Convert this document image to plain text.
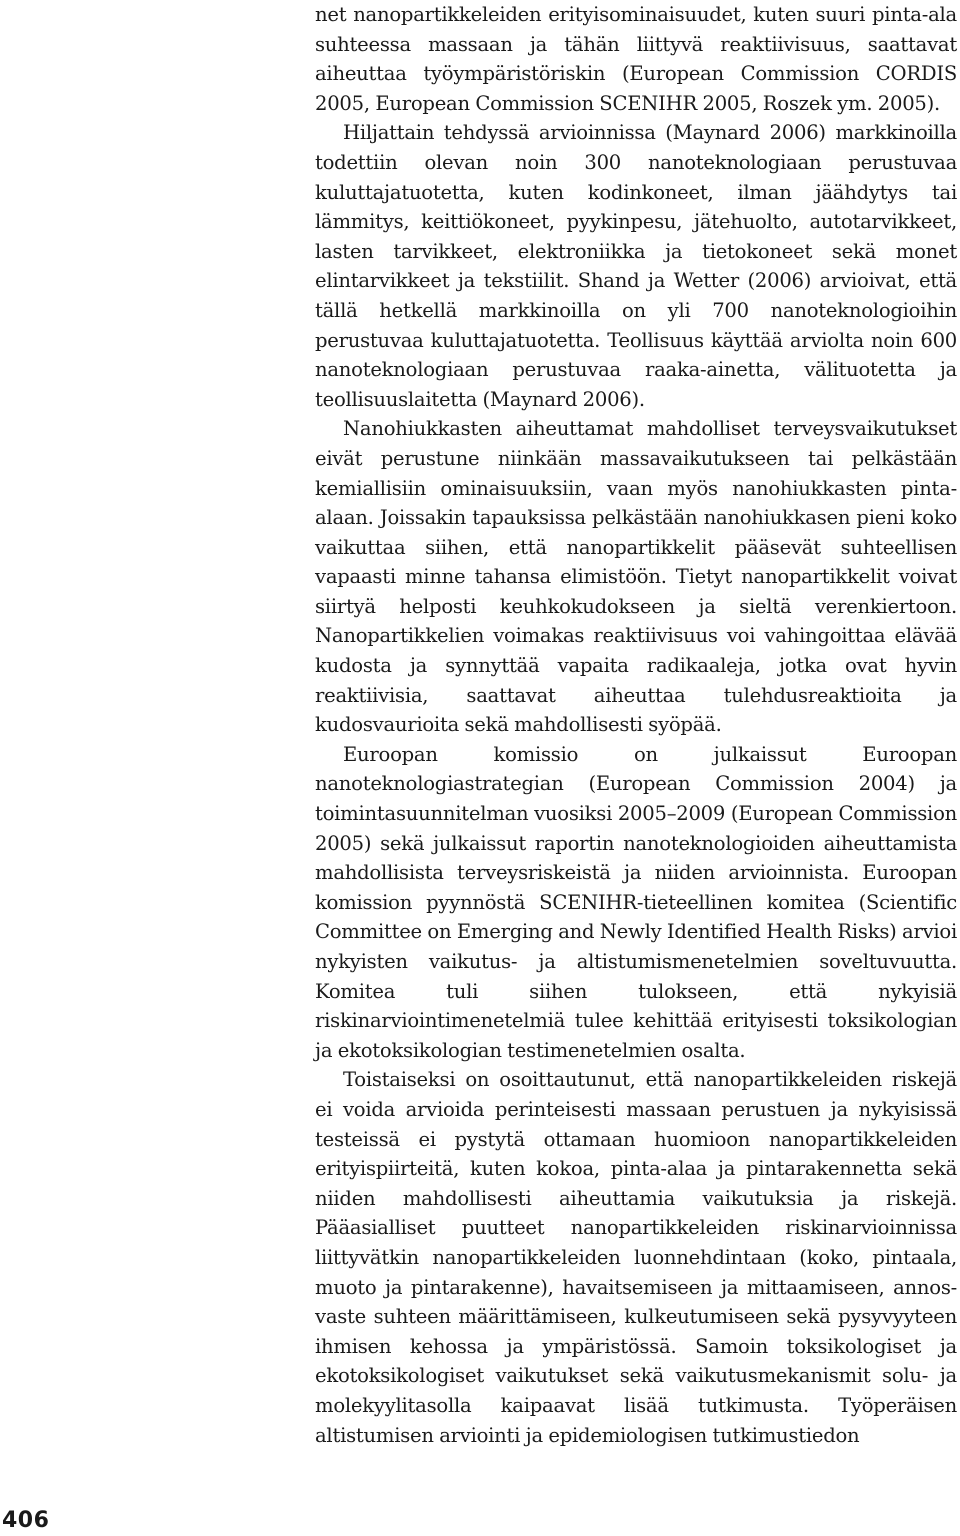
net nanopartikkeleiden erityisominaisuudet, kuten suuri pinta-ala suhteessa massaan ja tähän liittyvä reaktiivisuus, saattavat aiheuttaa työympäristöriskin (European Commission CORDIS 2005, European Commission SCENIHR 2005, Roszek ym. 2005).

Hiljattain tehdyssä arvioinnissa (Maynard 2006) markkinoilla todettiin olevan noin 300 nanoteknologiaan perustuvaa kuluttajatuotetta, kuten kodinkoneet, ilman jäähdytys tai lämmitys, keittiökoneet, pyykinpesu, jätehuolto, autotarvikkeet, lasten tarvikkeet, elektroniikka ja tietokoneet sekä monet elintarvikkeet ja tekstiilit. Shand ja Wetter (2006) arvioivat, että tällä hetkellä markkinoilla on yli 700 nanoteknologioihin perustuvaa kuluttajatuotetta. Teollisuus käyttää arviolta noin 600 nanoteknologiaan perustuvaa raaka-ainetta, välituotetta ja teollisuuslaitetta (Maynard 2006).

Nanohiukkasten aiheuttamat mahdolliset terveysvaikutukset eivät perustune niinkään massavaikutukseen tai pelkästään kemiallisiin ominaisuuksiin, vaan myös nanohiukkasten pinta-alaan. Joissakin tapauksissa pelkästään nanohiukkasen pieni koko vaikuttaa siihen, että nanopartikkelit pääsevät suhteellisen vapaasti minne tahansa elimistöön. Tietyt nanopartikkelit voivat siirtyä helposti keuhkokudokseen ja sieltä verenkiertoon. Nanopartikkelien voimakas reaktiivisuus voi vahingoittaa elävää kudosta ja synnyttää vapaita radikaaleja, jotka ovat hyvin reaktiivisia, saattavat aiheuttaa tulehdusreaktioita ja kudosvaurioita sekä mahdollisesti syöpää.

Euroopan komissio on julkaissut Euroopan nanoteknologiastrategian (European Commission 2004) ja toimintasuunnitelman vuosiksi 2005–2009 (European Commission 2005) sekä julkaissut raportin nanoteknologioiden aiheuttamista mahdollisista terveysriskeistä ja niiden arvioinnista. Euroopan komission pyynnöstä SCENIHR-tieteellinen komitea (Scientific Committee on Emerging and Newly Identified Health Risks) arvioi nykyisten vaikutus- ja altistumismenetelmien soveltuvuutta. Komitea tuli siihen tulokseen, että nykyisiä riskinarviointimenetelmiä tulee kehittää erityisesti toksikologian ja ekotoksikologian testimenetelmien osalta.

Toistaiseksi on osoittautunut, että nanopartikkeleiden riskejä ei voida arvioida perinteisesti massaan perustuen ja nykyisissä testeissä ei pystytä ottamaan huomioon nanopartikkeleiden erityispiirteitä, kuten kokoa, pinta-alaa ja pintarakennetta sekä niiden mahdollisesti aiheuttamia vaikutuksia ja riskejä. Pääasialliset puutteet nanopartikkeleiden riskinarvioinnissa liittyvätkin nanopartikkeleiden luonnehdintaan (koko, pintaala, muoto ja pintarakenne), havaitsemiseen ja mittaamiseen, annos-vaste suhteen määrittämiseen, kulkeutumiseen sekä pysyvyyteen ihmisen kehossa ja ympäristössä. Samoin toksikologiset ja ekotoksikologiset vaikutukset sekä vaikutusmekanismit solu- ja molekyylitasolla kaipaavat lisää tutkimusta. Työperäisen altistumisen arviointi ja epidemiologisen tutkimustiedon

406
